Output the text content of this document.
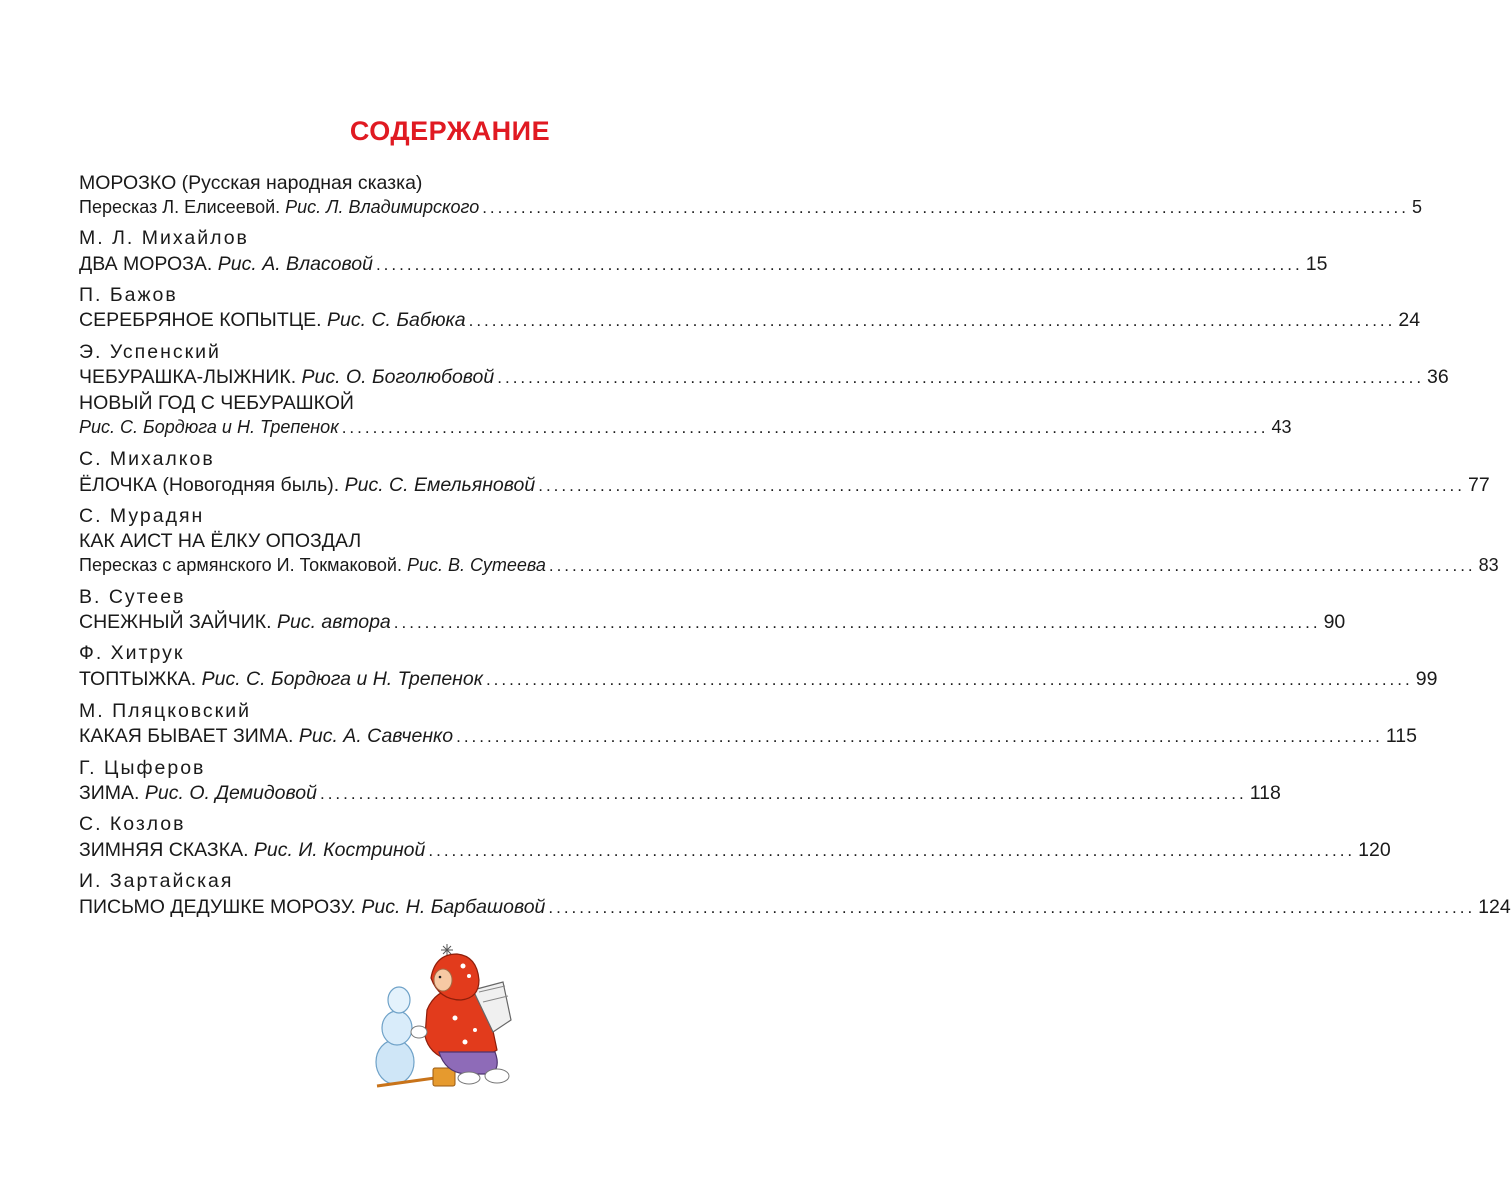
СОДЕРЖАНИЕ
МОРОЗКО (Русская народная сказка)
Пересказ Л. Елисеевой. Рис. Л. Владимирского ........................................................................................................................ 5
М. Л. Михайлов
ДВА МОРОЗА. Рис. А. Власовой ........................................................................................................................ 15
П. Бажов
СЕРЕБРЯНОЕ КОПЫТЦЕ. Рис. С. Бабюка ........................................................................................................................ 24
Э. Успенский
ЧЕБУРАШКА-ЛЫЖНИК. Рис. О. Боголюбовой ........................................................................................................................ 36
НОВЫЙ ГОД С ЧЕБУРАШКОЙ
Рис. С. Бордюга и Н. Трепенок ........................................................................................................................ 43
С. Михалков
ЁЛОЧКА (Новогодняя быль). Рис. С. Емельяновой ........................................................................................................................ 77
С. Мурадян
КАК АИСТ НА ЁЛКУ ОПОЗДАЛ
Пересказ с армянского И. Токмаковой. Рис. В. Сутеева ........................................................................................................................ 83
В. Сутеев
СНЕЖНЫЙ ЗАЙЧИК. Рис. автора ........................................................................................................................ 90
Ф. Хитрук
ТОПТЫЖКА. Рис. С. Бордюга и Н. Трепенок ........................................................................................................................ 99
М. Пляцковский
КАКАЯ БЫВАЕТ ЗИМА. Рис. А. Савченко ........................................................................................................................ 115
Г. Цыферов
ЗИМА. Рис. О. Демидовой ........................................................................................................................ 118
С. Козлов
ЗИМНЯЯ СКАЗКА. Рис. И. Костриной ........................................................................................................................ 120
И. Зартайская
ПИСЬМО ДЕДУШКЕ МОРОЗУ. Рис. Н. Барбашовой ........................................................................................................................ 124
